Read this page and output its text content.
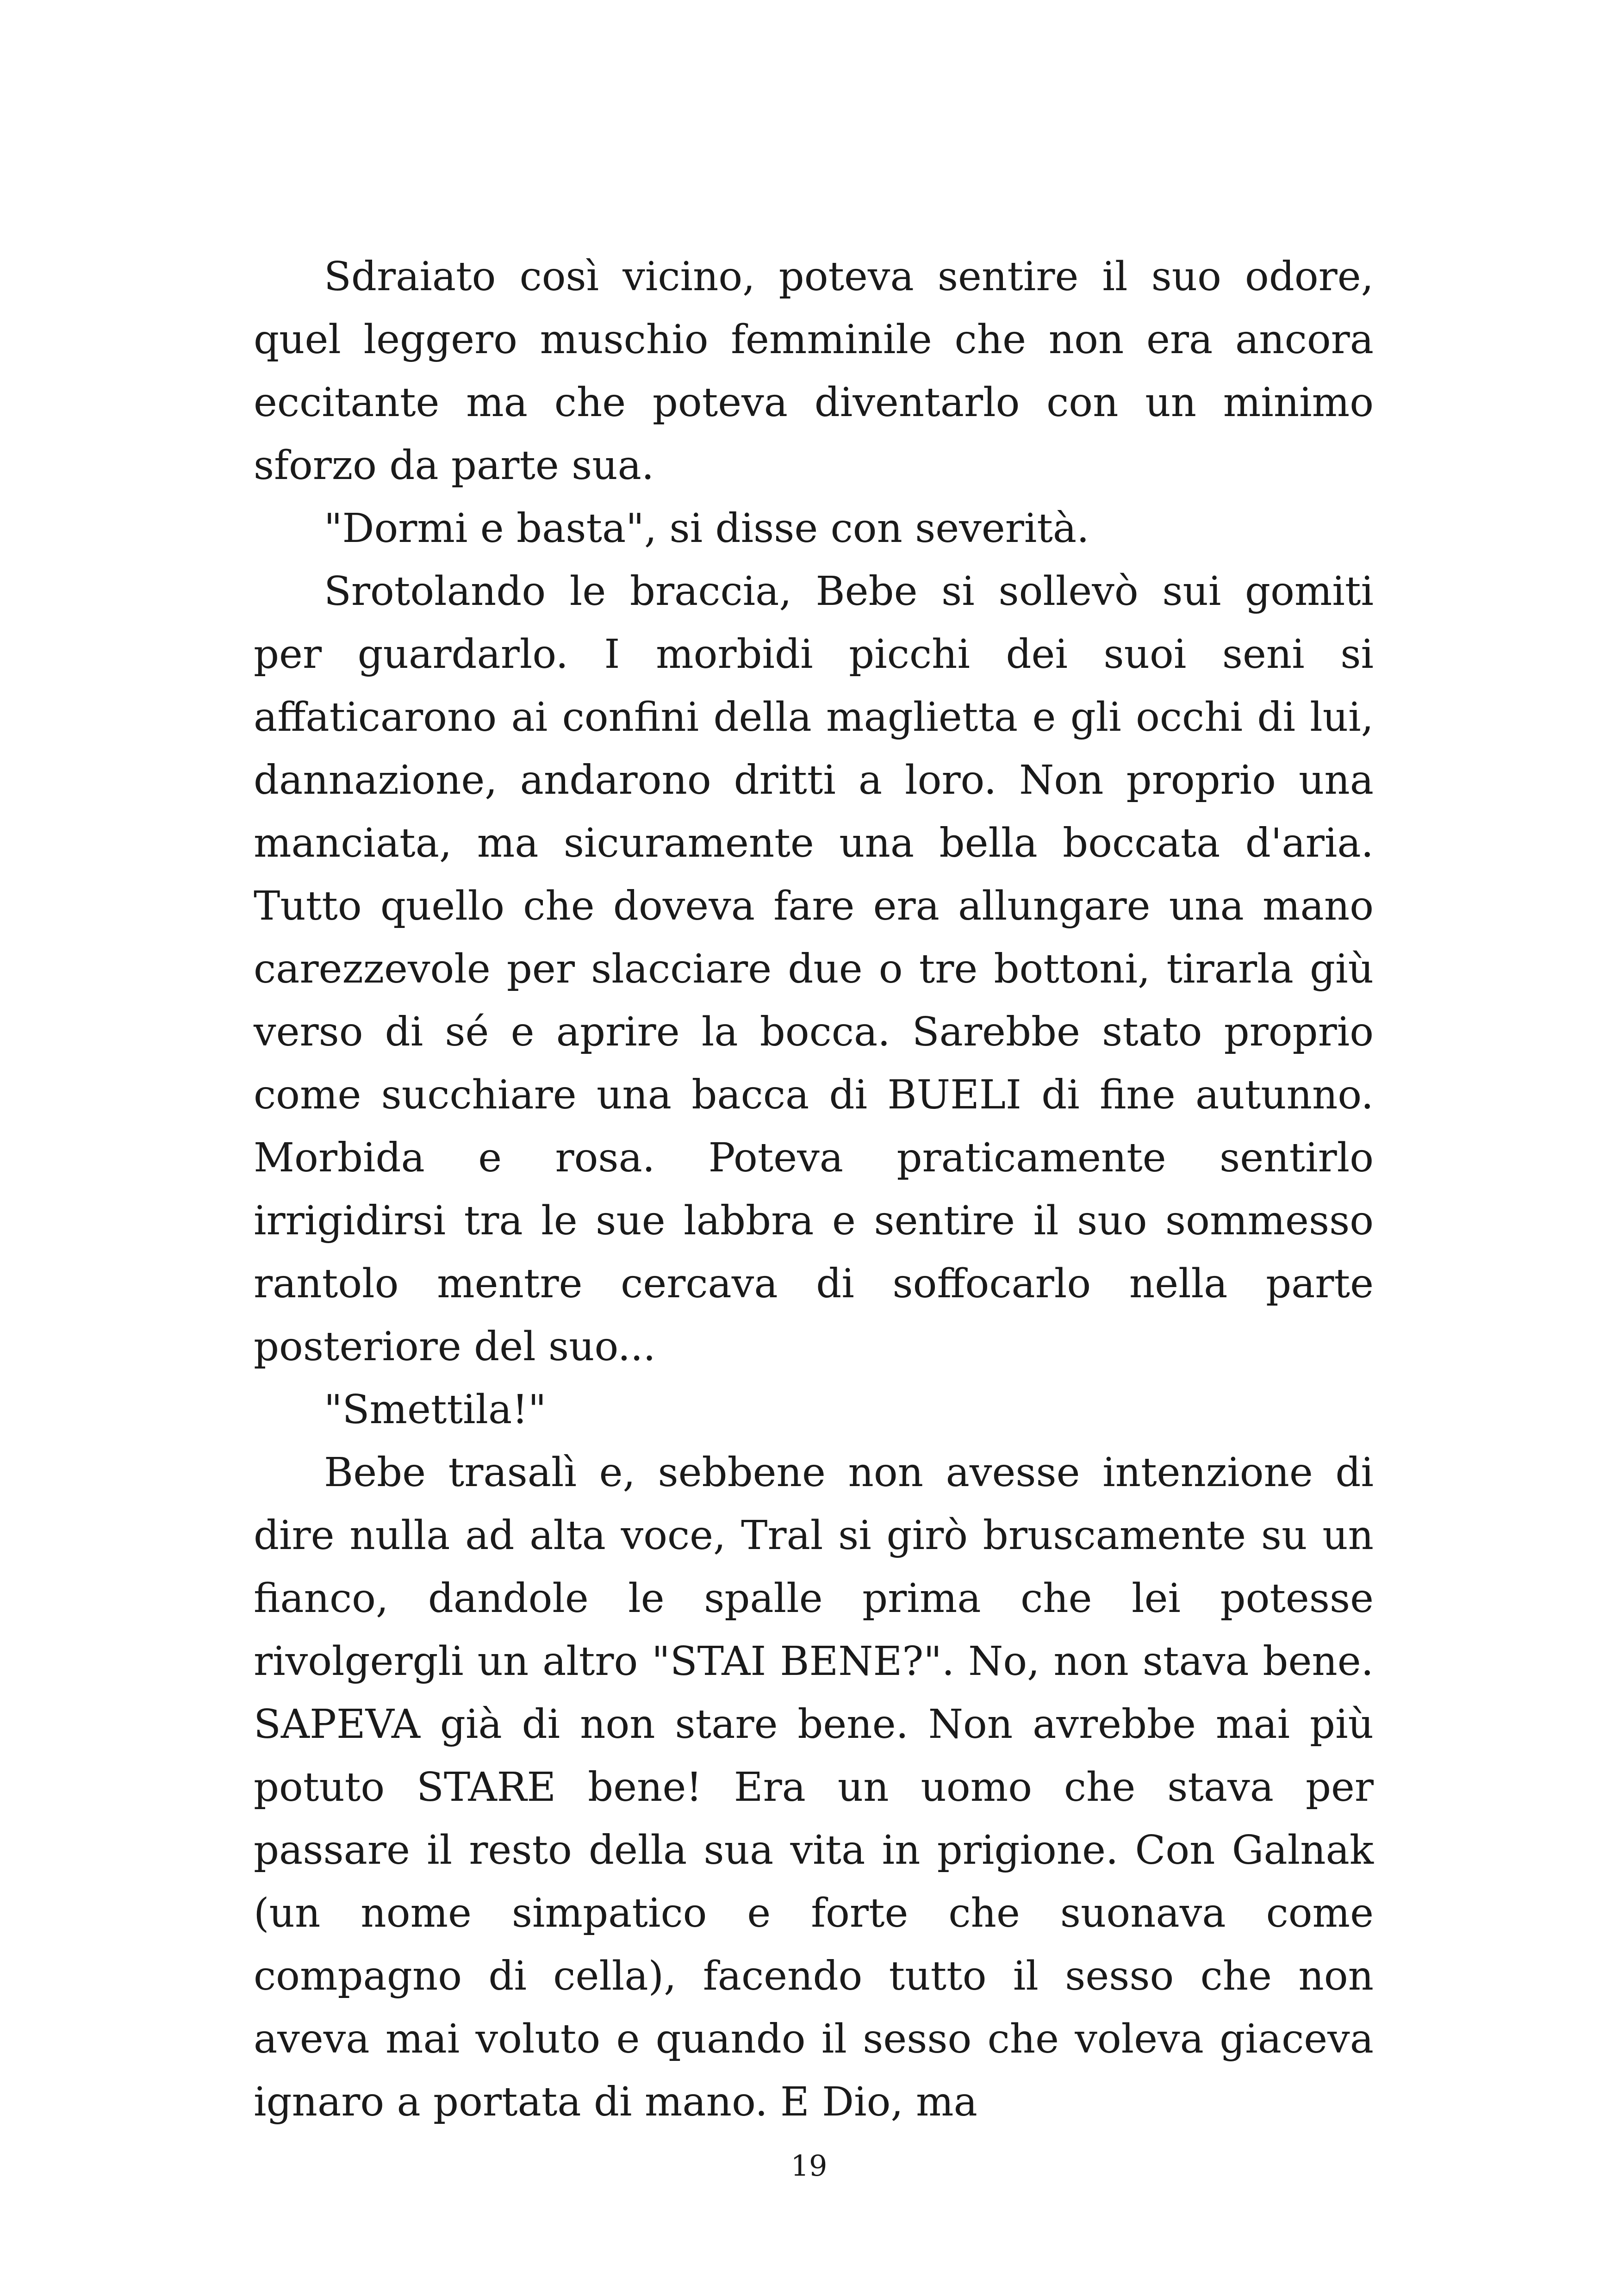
Sdraiato così vicino, poteva sentire il suo odore, quel leggero muschio femminile che non era ancora eccitante ma che poteva diventarlo con un minimo sforzo da parte sua.

"Dormi e basta", si disse con severità.

Srotolando le braccia, Bebe si sollevò sui gomiti per guardarlo. I morbidi picchi dei suoi seni si affaticarono ai confini della maglietta e gli occhi di lui, dannazione, andarono dritti a loro. Non proprio una manciata, ma sicuramente una bella boccata d'aria. Tutto quello che doveva fare era allungare una mano carezzevole per slacciare due o tre bottoni, tirarla giù verso di sé e aprire la bocca. Sarebbe stato proprio come succhiare una bacca di BUELI di fine autunno. Morbida e rosa. Poteva praticamente sentirlo irrigidirsi tra le sue labbra e sentire il suo sommesso rantolo mentre cercava di soffocarlo nella parte posteriore del suo...

"Smettila!"

Bebe trasalì e, sebbene non avesse intenzione di dire nulla ad alta voce, Tral si girò bruscamente su un fianco, dandole le spalle prima che lei potesse rivolgergli un altro "STAI BENE?". No, non stava bene. SAPEVA già di non stare bene. Non avrebbe mai più potuto STARE bene! Era un uomo che stava per passare il resto della sua vita in prigione. Con Galnak (un nome simpatico e forte che suonava come compagno di cella), facendo tutto il sesso che non aveva mai voluto e quando il sesso che voleva giaceva ignaro a portata di mano. E Dio, ma

19
